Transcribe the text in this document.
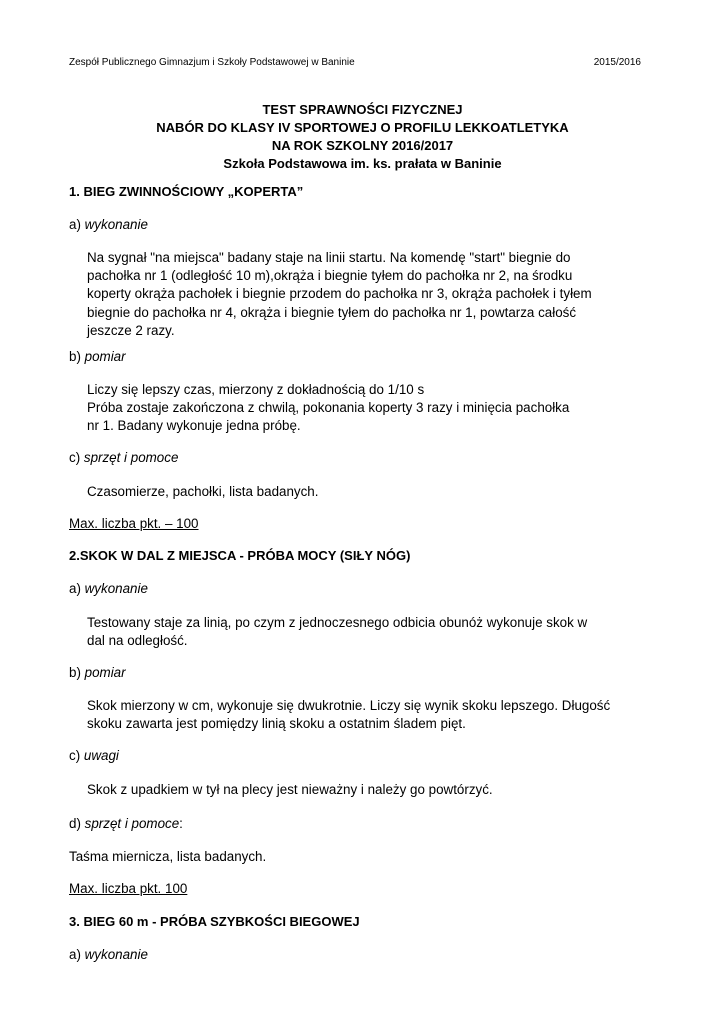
Zespół Publicznego Gimnazjum i Szkoły Podstawowej w Baninie	2015/2016
TEST SPRAWNOŚCI FIZYCZNEJ
NABÓR DO KLASY IV SPORTOWEJ O PROFILU LEKKOATLETYKA
NA ROK SZKOLNY 2016/2017
Szkoła Podstawowa im. ks. prałata w Baninie
1. BIEG ZWINNOŚCIOWY „KOPERTA”
a) wykonanie

Na sygnał "na miejsca" badany staje na linii startu. Na komendę "start" biegnie do

pachołka nr 1 (odległość 10 m),okrąża i biegnie tyłem do pachołka nr 2, na środku

koperty okrąża pachołek i biegnie przodem do pachołka nr 3, okrąża pachołek i tyłem

biegnie do pachołka nr 4, okrąża i biegnie tyłem do pachołka nr 1, powtarza całość

jeszcze 2 razy.

b) pomiar

Liczy się lepszy czas, mierzony z dokładnością do 1/10 s

Próba zostaje zakończona z chwilą, pokonania koperty 3 razy i minięcia pachołka

nr 1. Badany wykonuje jedna próbę.

c) sprzęt i pomoce
Czasomierze, pachołki, lista badanych.
Max. liczba pkt. – 100
2.SKOK W DAL Z MIEJSCA - PRÓBA MOCY (SIŁY NÓG)
a) wykonanie

Testowany staje za linią, po czym z jednoczesnego odbicia obunóż wykonuje skok w

dal na odległość.

b) pomiar

Skok mierzony w cm, wykonuje się dwukrotnie. Liczy się wynik skoku lepszego. Długość

skoku zawarta jest pomiędzy linią skoku a ostatnim śladem pięt.

c) uwagi
Skok z upadkiem w tył na plecy jest nieważny i należy go powtórzyć.
d) sprzęt i pomoce:
Taśma miernicza, lista badanych.
Max. liczba pkt. 100
3. BIEG 60 m - PRÓBA SZYBKOŚCI BIEGOWEJ
a) wykonanie
